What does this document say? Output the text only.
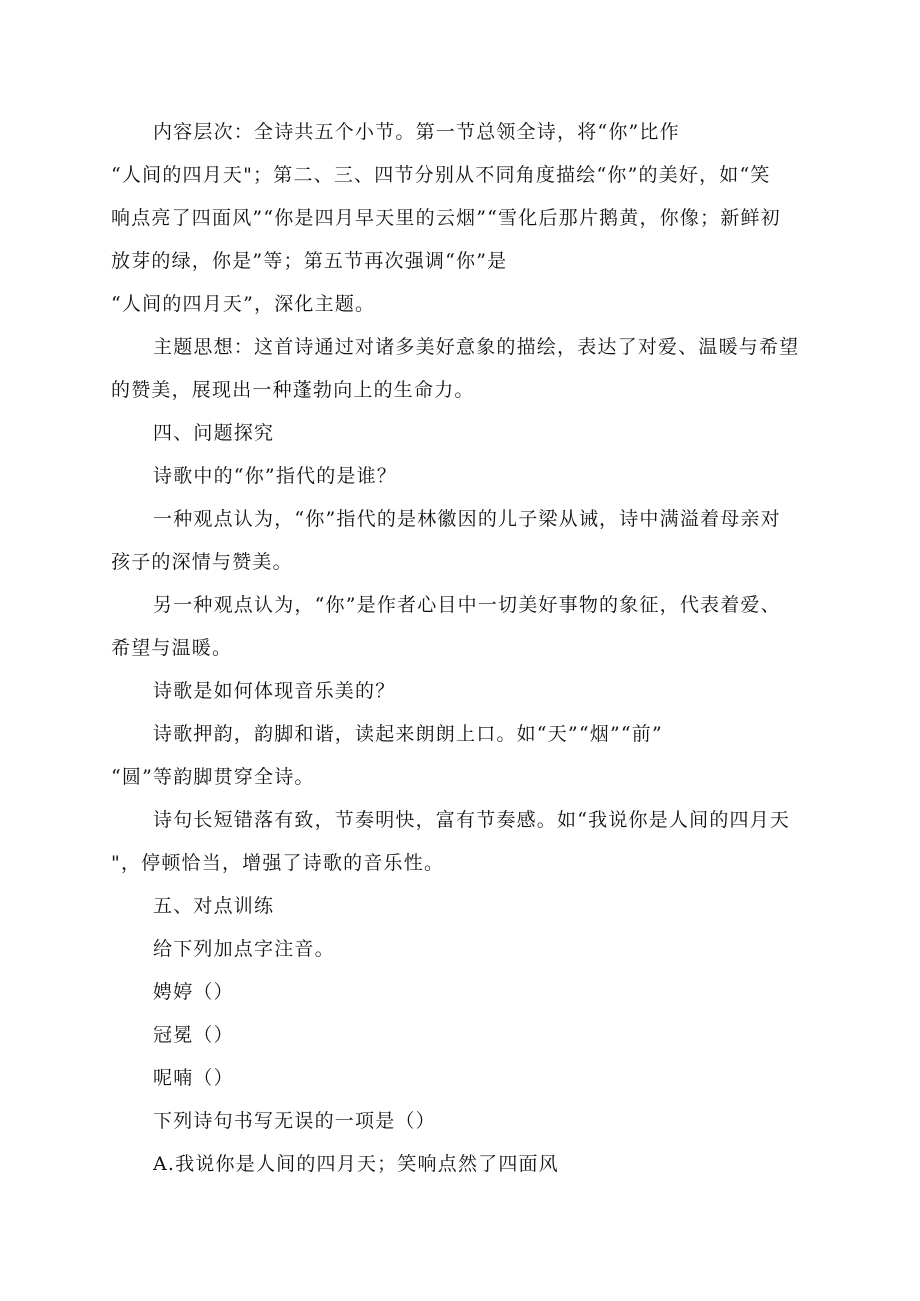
内容层次：全诗共五个小节。第一节总领全诗，将“你”比作
“人间的四月天"；第二、三、四节分别从不同角度描绘“你”的美好，如“笑
响点亮了四面风”“你是四月早天里的云烟”“雪化后那片鹅黄，你像；新鲜初
放芽的绿，你是”等；第五节再次强调“你”是
“人间的四月天”，深化主题。
主题思想：这首诗通过对诸多美好意象的描绘，表达了对爱、温暖与希望
的赞美，展现出一种蓬勃向上的生命力。
四、问题探究
诗歌中的“你”指代的是谁？
一种观点认为，“你”指代的是林徽因的儿子梁从诫，诗中满溢着母亲对
孩子的深情与赞美。
另一种观点认为，“你”是作者心目中一切美好事物的象征，代表着爱、
希望与温暖。
诗歌是如何体现音乐美的？
诗歌押韵，韵脚和谐，读起来朗朗上口。如“天”“烟”“前”
“圆”等韵脚贯穿全诗。
诗句长短错落有致，节奏明快，富有节奏感。如“我说你是人间的四月天
"，停顿恰当，增强了诗歌的音乐性。
五、对点训练
给下列加点字注音。
娉婷（）
冠冕（）
呢喃（）
下列诗句书写无误的一项是（）
A.我说你是人间的四月天；笑响点然了四面风
